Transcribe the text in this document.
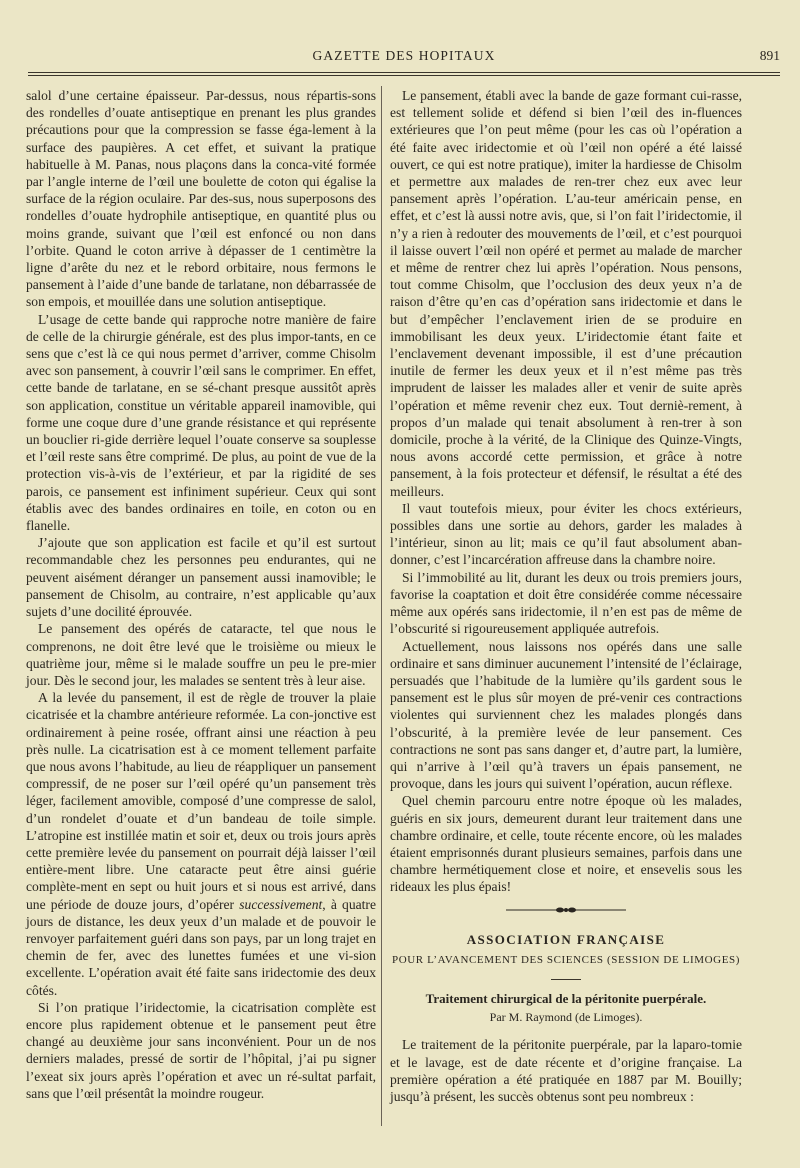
GAZETTE DES HOPITAUX	891

salol d’une certaine épaisseur. Par-dessus, nous répartis-sons des rondelles d’ouate antiseptique en prenant les plus grandes précautions pour que la compression se fasse éga-lement à la surface des paupières. A cet effet, et suivant la pratique habituelle à M. Panas, nous plaçons dans la conca-vité formée par l’angle interne de l’œil une boulette de coton qui égalise la surface de la région oculaire. Par des-sus, nous superposons des rondelles d’ouate hydrophile antiseptique, en quantité plus ou moins grande, suivant que l’œil est enfoncé ou non dans l’orbite. Quand le coton arrive à dépasser de 1 centimètre la ligne d’arête du nez et le rebord orbitaire, nous fermons le pansement à l’aide d’une bande de tarlatane, non débarrassée de son empois, et mouillée dans une solution antiseptique.

L’usage de cette bande qui rapproche notre manière de faire de celle de la chirurgie générale, est des plus impor-tants, en ce sens que c’est là ce qui nous permet d’arriver, comme Chisolm avec son pansement, à couvrir l’œil sans le comprimer. En effet, cette bande de tarlatane, en se sé-chant presque aussitôt après son application, constitue un véritable appareil inamovible, qui forme une coque dure d’une grande résistance et qui représente un bouclier ri-gide derrière lequel l’ouate conserve sa souplesse et l’œil reste sans être comprimé. De plus, au point de vue de la protection vis-à-vis de l’extérieur, et par la rigidité de ses parois, ce pansement est infiniment supérieur. Ceux qui sont établis avec des bandes ordinaires en toile, en coton ou en flanelle.

J’ajoute que son application est facile et qu’il est surtout recommandable chez les personnes peu endurantes, qui ne peuvent aisément déranger un pansement aussi inamovible; le pansement de Chisolm, au contraire, n’est applicable qu’aux sujets d’une docilité éprouvée.

Le pansement des opérés de cataracte, tel que nous le comprenons, ne doit être levé que le troisième ou mieux le quatrième jour, même si le malade souffre un peu le pre-mier jour. Dès le second jour, les malades se sentent très à leur aise.

A la levée du pansement, il est de règle de trouver la plaie cicatrisée et la chambre antérieure reformée. La con-jonctive est ordinairement à peine rosée, offrant ainsi une réaction à peu près nulle. La cicatrisation est à ce moment tellement parfaite que nous avons l’habitude, au lieu de réappliquer un pansement compressif, de ne poser sur l’œil opéré qu’un pansement très léger, facilement amovible, composé d’une compresse de salol, d’un rondelet d’ouate et d’un bandeau de toile simple. L’atropine est instillée matin et soir et, deux ou trois jours après cette première levée du pansement on pourrait déjà laisser l’œil entière-ment libre. Une cataracte peut être ainsi guérie complète-ment en sept ou huit jours et si nous est arrivé, dans une période de douze jours, d’opérer successivement, à quatre jours de distance, les deux yeux d’un malade et de pouvoir le renvoyer parfaitement guéri dans son pays, par un long trajet en chemin de fer, avec des lunettes fumées et une vi-sion excellente. L’opération avait été faite sans iridectomie des deux côtés.

Si l’on pratique l’iridectomie, la cicatrisation complète est encore plus rapidement obtenue et le pansement peut être changé au deuxième jour sans inconvénient. Pour un de nos derniers malades, pressé de sortir de l’hôpital, j’ai pu signer l’exeat six jours après l’opération et avec un ré-sultat parfait, sans que l’œil présentât la moindre rougeur.

Le pansement, établi avec la bande de gaze formant cui-rasse, est tellement solide et défend si bien l’œil des in-fluences extérieures que l’on peut même (pour les cas où l’opération a été faite avec iridectomie et où l’œil non opéré a été laissé ouvert, ce qui est notre pratique), imiter la hardiesse de Chisolm et permettre aux malades de ren-trer chez eux avec leur pansement après l’opération. L’au-teur américain pense, en effet, et c’est là aussi notre avis, que, si l’on fait l’iridectomie, il n’y a rien à redouter des mouvements de l’œil, et c’est pourquoi il laisse ouvert l’œil non opéré et permet au malade de marcher et même de rentrer chez lui après l’opération. Nous pensons, tout comme Chisolm, que l’occlusion des deux yeux n’a de raison d’être qu’en cas d’opération sans iridectomie et dans le but d’empêcher l’enclavement irien de se produire en immobilisant les deux yeux. L’iridectomie étant faite et l’enclavement devenant impossible, il est d’une précaution inutile de fermer les deux yeux et il n’est même pas très imprudent de laisser les malades aller et venir de suite après l’opération et même revenir chez eux. Tout derniè-rement, à propos d’un malade qui tenait absolument à ren-trer à son domicile, proche à la vérité, de la Clinique des Quinze-Vingts, nous avons accordé cette permission, et grâce à notre pansement, à la fois protecteur et défensif, le résultat a été des meilleurs.

Il vaut toutefois mieux, pour éviter les chocs extérieurs, possibles dans une sortie au dehors, garder les malades à l’intérieur, sinon au lit; mais ce qu’il faut absolument aban-donner, c’est l’incarcération affreuse dans la chambre noire.

Si l’immobilité au lit, durant les deux ou trois premiers jours, favorise la coaptation et doit être considérée comme nécessaire même aux opérés sans iridectomie, il n’en est pas de même de l’obscurité si rigoureusement appliquée autrefois.

Actuellement, nous laissons nos opérés dans une salle ordinaire et sans diminuer aucunement l’intensité de l’éclairage, persuadés que l’habitude de la lumière qu’ils gardent sous le pansement est le plus sûr moyen de pré-venir ces contractions violentes qui surviennent chez les malades plongés dans l’obscurité, à la première levée de leur pansement. Ces contractions ne sont pas sans danger et, d’autre part, la lumière, qui n’arrive à l’œil qu’à travers un épais pansement, ne provoque, dans les jours qui suivent l’opération, aucun réflexe.

Quel chemin parcouru entre notre époque où les malades, guéris en six jours, demeurent durant leur traitement dans une chambre ordinaire, et celle, toute récente encore, où les malades étaient emprisonnés durant plusieurs semaines, parfois dans une chambre hermétiquement close et noire, et ensevelis sous les rideaux les plus épais!

ASSOCIATION FRANÇAISE
POUR L’AVANCEMENT DES SCIENCES (SESSION DE LIMOGES)
Traitement chirurgical de la péritonite puerpérale.
Par M. Raymond (de Limoges).

Le traitement de la péritonite puerpérale, par la laparo-tomie et le lavage, est de date récente et d’origine française. La première opération a été pratiquée en 1887 par M. Bouilly; jusqu’à présent, les succès obtenus sont peu nombreux :
